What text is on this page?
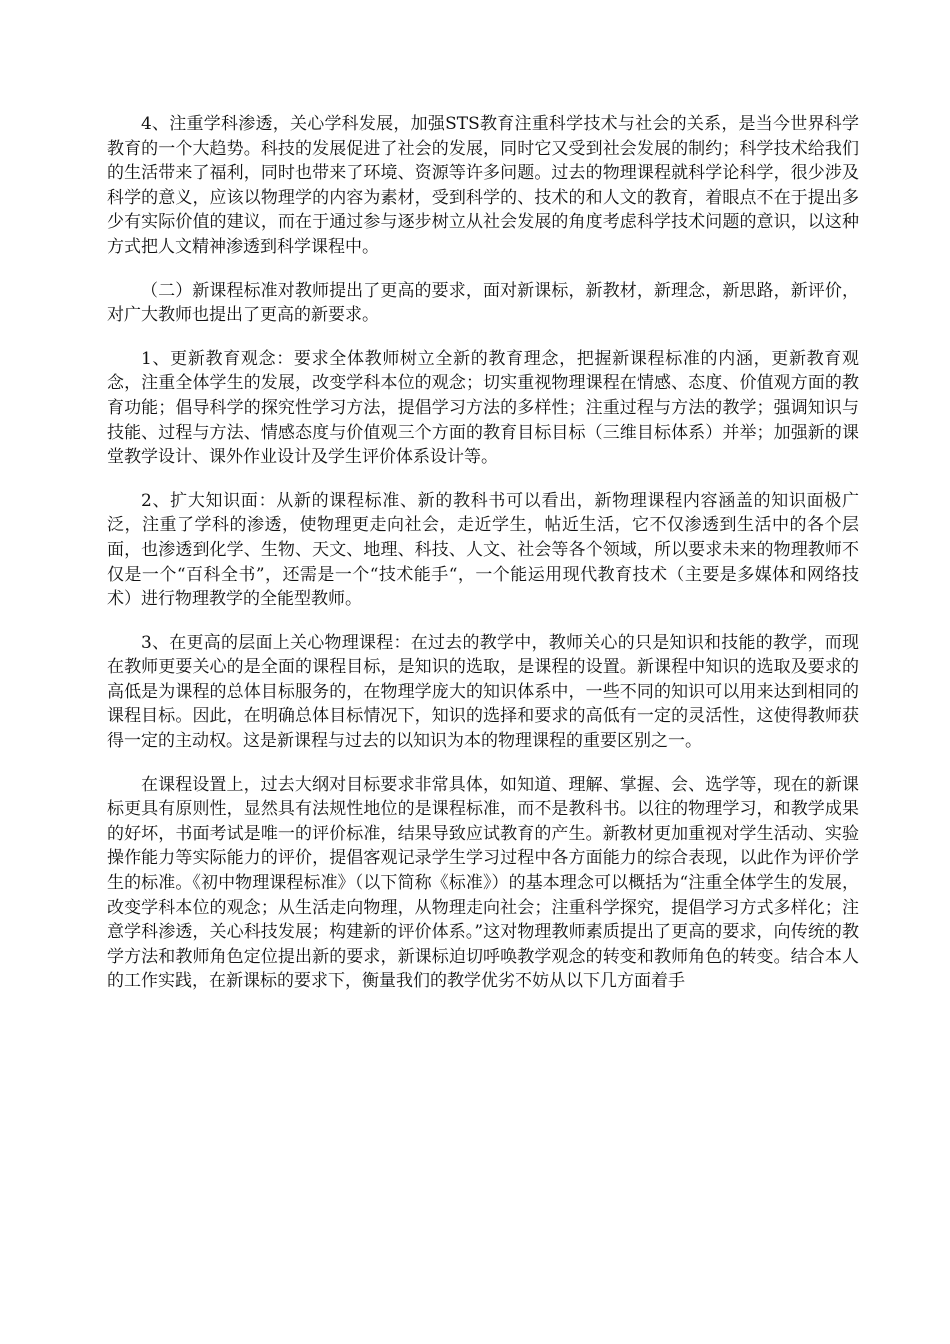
4、注重学科渗透，关心学科发展，加强STS教育注重科学技术与社会的关系，是当今世界科学教育的一个大趋势。科技的发展促进了社会的发展，同时它又受到社会发展的制约；科学技术给我们的生活带来了福利，同时也带来了环境、资源等许多问题。过去的物理课程就科学论科学，很少涉及科学的意义，应该以物理学的内容为素材，受到科学的、技术的和人文的教育，着眼点不在于提出多少有实际价值的建议，而在于通过参与逐步树立从社会发展的角度考虑科学技术问题的意识，以这种方式把人文精神渗透到科学课程中。

（二）新课程标准对教师提出了更高的要求，面对新课标，新教材，新理念，新思路，新评价，对广大教师也提出了更高的新要求。

1、更新教育观念：要求全体教师树立全新的教育理念，把握新课程标准的内涵，更新教育观念，注重全体学生的发展，改变学科本位的观念；切实重视物理课程在情感、态度、价值观方面的教育功能；倡导科学的探究性学习方法，提倡学习方法的多样性；注重过程与方法的教学；强调知识与技能、过程与方法、情感态度与价值观三个方面的教育目标目标（三维目标体系）并举；加强新的课堂教学设计、课外作业设计及学生评价体系设计等。

2、扩大知识面：从新的课程标准、新的教科书可以看出，新物理课程内容涵盖的知识面极广泛，注重了学科的渗透，使物理更走向社会，走近学生，帖近生活，它不仅渗透到生活中的各个层面，也渗透到化学、生物、天文、地理、科技、人文、社会等各个领域，所以要求未来的物理教师不仅是一个“百科全书”，还需是一个“技术能手“，一个能运用现代教育技术（主要是多媒体和网络技术）进行物理教学的全能型教师。

3、在更高的层面上关心物理课程：在过去的教学中，教师关心的只是知识和技能的教学，而现在教师更要关心的是全面的课程目标，是知识的选取，是课程的设置。新课程中知识的选取及要求的高低是为课程的总体目标服务的，在物理学庞大的知识体系中，一些不同的知识可以用来达到相同的课程目标。因此，在明确总体目标情况下，知识的选择和要求的高低有一定的灵活性，这使得教师获得一定的主动权。这是新课程与过去的以知识为本的物理课程的重要区别之一。

在课程设置上，过去大纲对目标要求非常具体，如知道、理解、掌握、会、选学等，现在的新课标更具有原则性，显然具有法规性地位的是课程标准，而不是教科书。以往的物理学习，和教学成果的好坏，书面考试是唯一的评价标准，结果导致应试教育的产生。新教材更加重视对学生活动、实验操作能力等实际能力的评价，提倡客观记录学生学习过程中各方面能力的综合表现，以此作为评价学生的标准。《初中物理课程标准》（以下简称《标准》）的基本理念可以概括为“注重全体学生的发展，改变学科本位的观念；从生活走向物理，从物理走向社会；注重科学探究，提倡学习方式多样化；注意学科渗透，关心科技发展；构建新的评价体系。”这对物理教师素质提出了更高的要求，向传统的教学方法和教师角色定位提出新的要求，新课标迫切呼唤教学观念的转变和教师角色的转变。结合本人的工作实践，在新课标的要求下，衡量我们的教学优劣不妨从以下几方面着手
